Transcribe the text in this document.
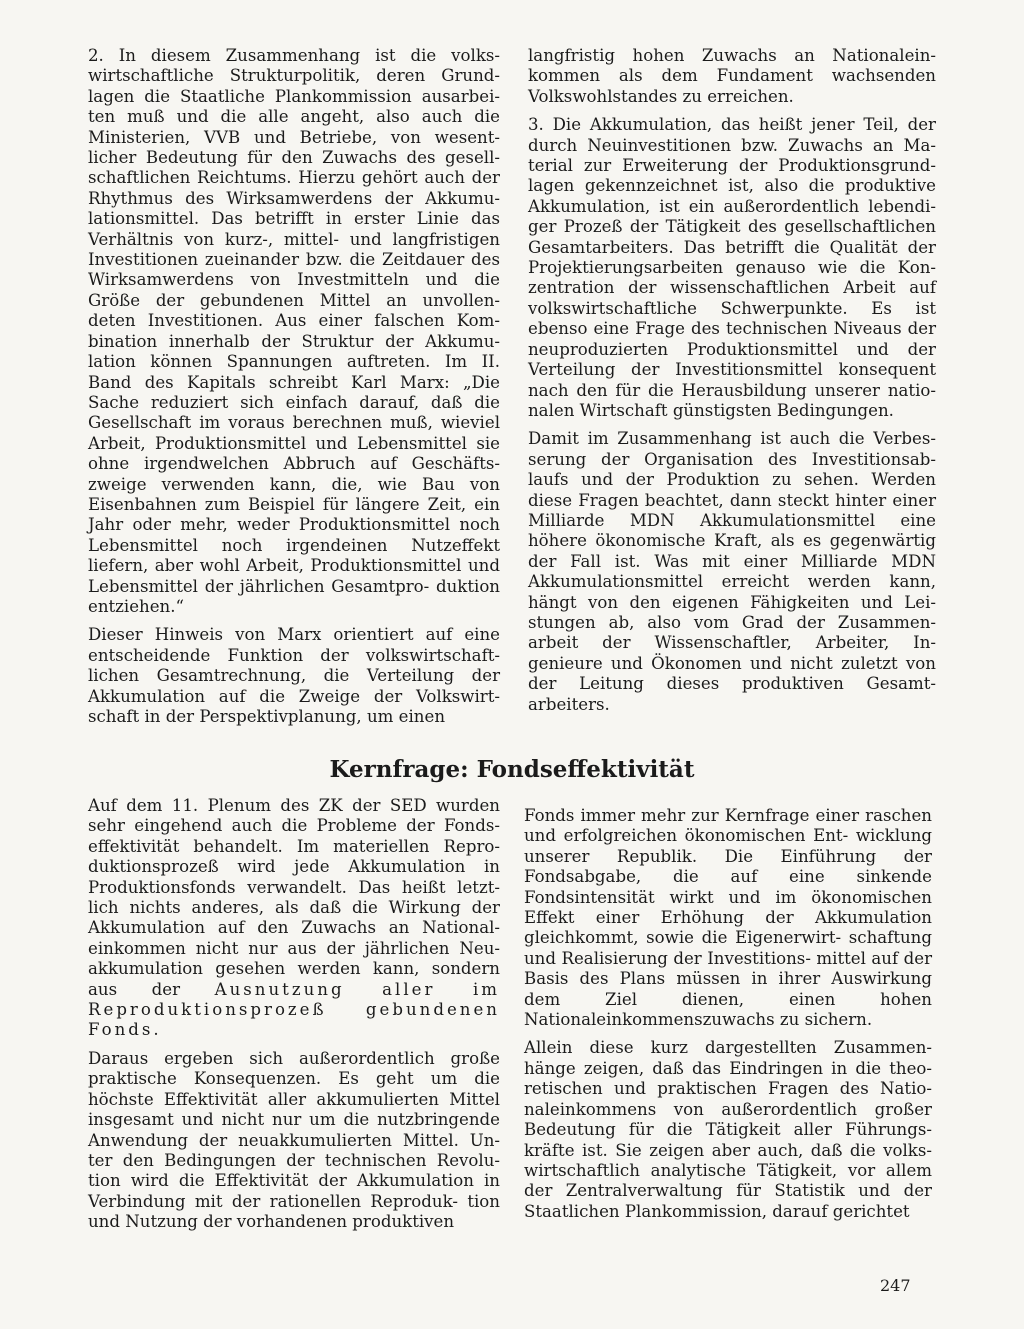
2. In diesem Zusammenhang ist die volks- wirtschaftliche Strukturpolitik, deren Grund- lagen die Staatliche Plankommission ausarbei- ten muß und die alle angeht, also auch die Ministerien, VVB und Betriebe, von wesent- licher Bedeutung für den Zuwachs des gesell- schaftlichen Reichtums. Hierzu gehört auch der Rhythmus des Wirksamwerdens der Akkumu- lationsmittel. Das betrifft in erster Linie das Verhältnis von kurz-, mittel- und langfristigen Investitionen zueinander bzw. die Zeitdauer des Wirksamwerdens von Investmitteln und die Größe der gebundenen Mittel an unvollen- deten Investitionen. Aus einer falschen Kom- bination innerhalb der Struktur der Akkumu- lation können Spannungen auftreten. Im II. Band des Kapitals schreibt Karl Marx: „Die Sache reduziert sich einfach darauf, daß die Gesellschaft im voraus berechnen muß, wieviel Arbeit, Produktionsmittel und Lebensmittel sie ohne irgendwelchen Abbruch auf Geschäfts- zweige verwenden kann, die, wie Bau von Eisenbahnen zum Beispiel für längere Zeit, ein Jahr oder mehr, weder Produktionsmittel noch Lebensmittel noch irgendeinen Nutzeffekt liefern, aber wohl Arbeit, Produktionsmittel und Lebensmittel der jährlichen Gesamtpro- duktion entziehen.“

Dieser Hinweis von Marx orientiert auf eine entscheidende Funktion der volkswirtschaft- lichen Gesamtrechnung, die Verteilung der Akkumulation auf die Zweige der Volkswirt- schaft in der Perspektivplanung, um einen

langfristig hohen Zuwachs an Nationalein- kommen als dem Fundament wachsenden Volkswohlstandes zu erreichen.

3. Die Akkumulation, das heißt jener Teil, der durch Neuinvestitionen bzw. Zuwachs an Ma- terial zur Erweiterung der Produktionsgrund- lagen gekennzeichnet ist, also die produktive Akkumulation, ist ein außerordentlich lebendi- ger Prozeß der Tätigkeit des gesellschaftlichen Gesamtarbeiters. Das betrifft die Qualität der Projektierungsarbeiten genauso wie die Kon- zentration der wissenschaftlichen Arbeit auf volkswirtschaftliche Schwerpunkte. Es ist ebenso eine Frage des technischen Niveaus der neuproduzierten Produktionsmittel und der Verteilung der Investitionsmittel konsequent nach den für die Herausbildung unserer natio- nalen Wirtschaft günstigsten Bedingungen.

Damit im Zusammenhang ist auch die Verbes- serung der Organisation des Investitionsab- laufs und der Produktion zu sehen. Werden diese Fragen beachtet, dann steckt hinter einer Milliarde MDN Akkumulationsmittel eine höhere ökonomische Kraft, als es gegenwärtig der Fall ist. Was mit einer Milliarde MDN Akkumulationsmittel erreicht werden kann, hängt von den eigenen Fähigkeiten und Lei- stungen ab, also vom Grad der Zusammen- arbeit der Wissenschaftler, Arbeiter, In- genieure und Ökonomen und nicht zuletzt von der Leitung dieses produktiven Gesamt- arbeiters.

Kernfrage: Fondseffektivität

Auf dem 11. Plenum des ZK der SED wurden sehr eingehend auch die Probleme der Fonds- effektivität behandelt. Im materiellen Repro- duktionsprozeß wird jede Akkumulation in Produktionsfonds verwandelt. Das heißt letzt- lich nichts anderes, als daß die Wirkung der Akkumulation auf den Zuwachs an National- einkommen nicht nur aus der jährlichen Neu- akkumulation gesehen werden kann, sondern aus der Ausnutzung aller im Reproduktionsprozeß gebundenen Fonds.

Daraus ergeben sich außerordentlich große praktische Konsequenzen. Es geht um die höchste Effektivität aller akkumulierten Mittel insgesamt und nicht nur um die nutzbringende Anwendung der neuakkumulierten Mittel. Un- ter den Bedingungen der technischen Revolu- tion wird die Effektivität der Akkumulation in Verbindung mit der rationellen Reproduk- tion und Nutzung der vorhandenen produktiven

Fonds immer mehr zur Kernfrage einer raschen und erfolgreichen ökonomischen Ent- wicklung unserer Republik. Die Einführung der Fondsabgabe, die auf eine sinkende Fondsintensität wirkt und im ökonomischen Effekt einer Erhöhung der Akkumulation gleichkommt, sowie die Eigenerwirt- schaftung und Realisierung der Investitions- mittel auf der Basis des Plans müssen in ihrer Auswirkung dem Ziel dienen, einen hohen Nationaleinkommenszuwachs zu sichern.

Allein diese kurz dargestellten Zusammen- hänge zeigen, daß das Eindringen in die theo- retischen und praktischen Fragen des Natio- naleinkommens von außerordentlich großer Bedeutung für die Tätigkeit aller Führungs- kräfte ist. Sie zeigen aber auch, daß die volks- wirtschaftlich analytische Tätigkeit, vor allem der Zentralverwaltung für Statistik und der Staatlichen Plankommission, darauf gerichtet

247
